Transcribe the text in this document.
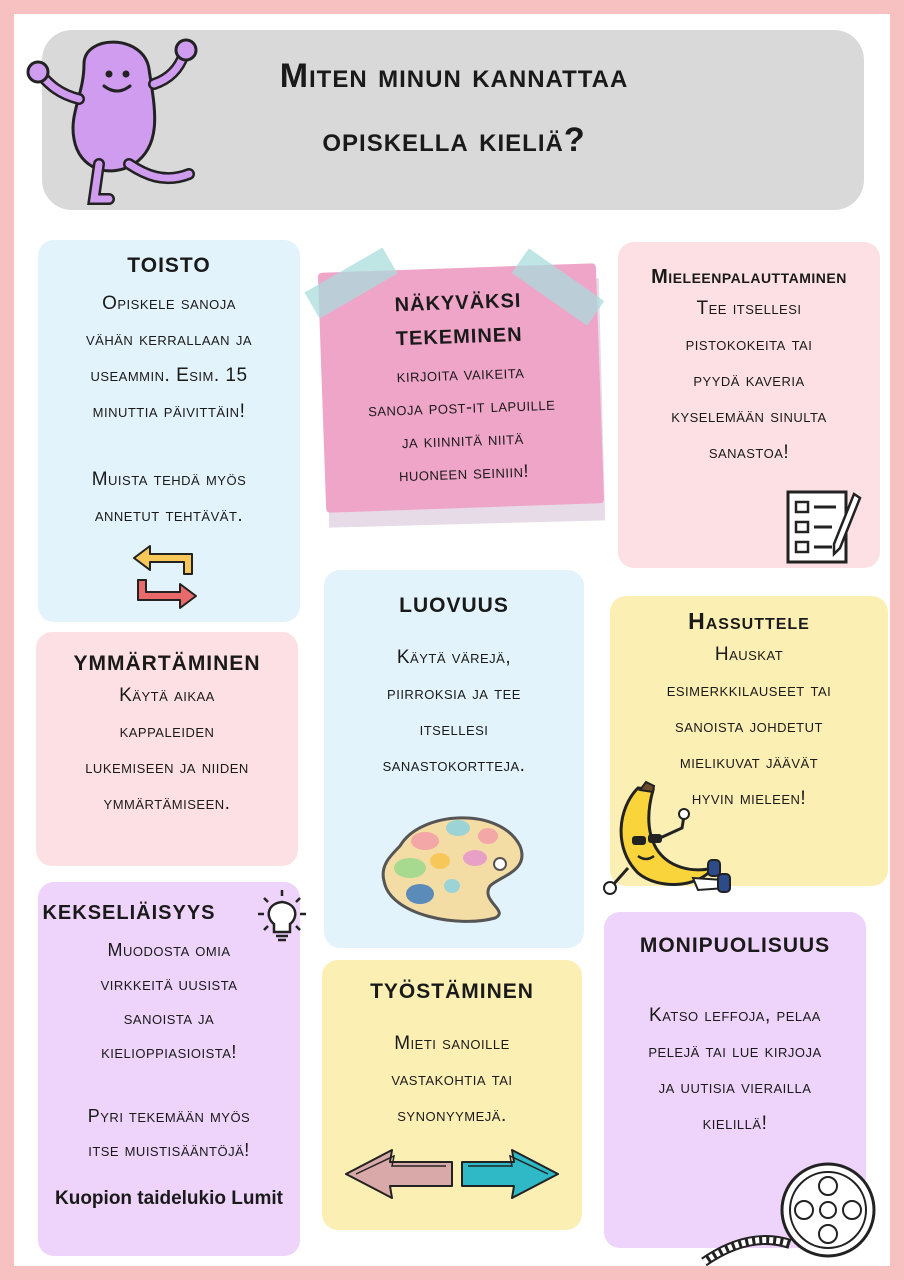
Miten minun kannattaa
opiskella kieliä?
TOISTO

Opiskele sanoja

vähän kerrallaan ja

useammin. Esim. 15

minuttia päivittäin!

Muista tehdä myös

annetut tehtävät.

NÄKYVÄKSI
TEKEMINEN

kirjoita vaikeita

sanoja post-it lapuille

ja kiinnitä niitä

huoneen seiniin!

Mieleenpalauttaminen

Tee itsellesi

pistokokeita tai

pyydä kaveria

kyselemään sinulta

sanastoa!

LUOVUUS

Käytä värejä,

piirroksia ja tee

itsellesi

sanastokortteja.

Hassuttele

Hauskat

esimerkkilauseet tai

sanoista johdetut

mielikuvat jäävät

hyvin mieleen!

YMMÄRTÄMINEN

Käytä aikaa

kappaleiden

lukemiseen ja niiden

ymmärtämiseen.

KEKSELIÄISYYS

Muodosta omia

virkkeitä uusista

sanoista ja

kielioppiasioista!

Pyri tekemään myös

itse muistisääntöjä!

Kuopion taidelukio Lumit

TYÖSTÄMINEN

Mieti sanoille

vastakohtia tai

synonyymejä.

MONIPUOLISUUS

Katso leffoja, pelaa

pelejä tai lue kirjoja

ja uutisia vierailla

kielillä!
